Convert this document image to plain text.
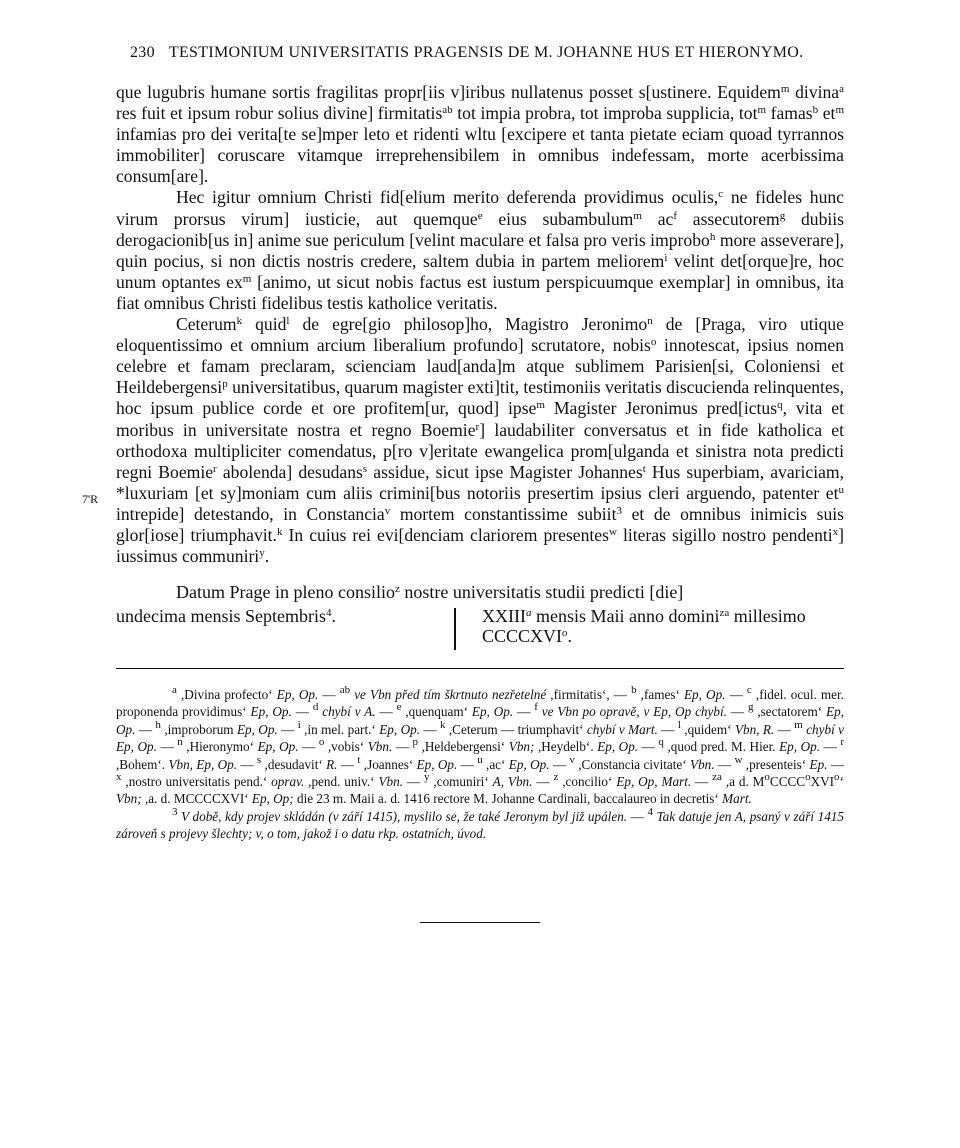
230 TESTIMONIUM UNIVERSITATIS PRAGENSIS DE M. JOHANNE HUS ET HIERONYMO.
7'R

que lugubris humane sortis fragilitas propr[iis v]iribus nullatenus posset s[ustinere. Equidem$^m$ divina$^a$ res fuit et ipsum robur solius divine] firmitatis$^{ab}$ tot impia probra, tot improba supplicia, tot$^m$ famas$^b$ $et^m$ infamias pro dei verita[te se]mper leto et ridenti wltu [excipere et tanta pietate eciam quoad tyrrannos immobiliter] coruscare vitamque irreprehensibilem in omnibus indefessam, morte acerbissima consum[are].

Hec igitur omnium Christi fid[elium merito deferenda providimus oculis,$^c$ ne fideles hunc virum prorsus virum] iusticie, aut quemque$^e$ eius subambulum$^m$ $ac^f$ assecutorem$^g$ dubiis derogacionib[us in] anime sue periculum [velint maculare et falsa pro veris improbo$^h$ more asseverare], quin pocius, si non dictis nostris credere, saltem dubia in partem meliorem$^i$ velint det[orque]re, hoc unum optantes $ex^m$ [animo, ut sicut nobis factus est iustum perspicuumque exemplar] in omnibus, ita fiat omnibus Christi fidelibus testis katholice veritatis.

Ceterum$^k$ quid$^l$ de egre[gio philosop]ho, Magistro Jeronimo$^n$ de [Praga, viro utique eloquentissimo et omnium arcium liberalium profundo] scrutatore, nobis$^o$ innotescat, ipsius nomen celebre et famam preclaram, scienciam laud[anda]m atque sublimem Parisien[si, Coloniensi et Heildebergensi$^p$ universitatibus, quarum magister exti]tit, testimoniis veritatis discucienda relinquentes, hoc ipsum publice corde et ore profitem[ur, quod] ipse$^m$ Magister Jeronimus pred[ictus$^q$, vita et moribus in universitate nostra et regno Boemie$^r$] laudabiliter conversatus et in fide katholica et orthodoxa multipliciter comendatus, p[ro v]eritate ewangelica prom[ulganda et sinistra nota predicti regni Boemie$^r$ abolenda] desudans$^s$ assidue, sicut ipse Magister Johannes$^t$ Hus superbiam, avariciam, *luxuriam [et sy]moniam cum aliis crimini[bus notoriis presertim ipsius cleri arguendo, patenter $et^u$ intrepide] detestando, in Constancia$^v$ mortem constantissime subiit$^3$ et de omnibus inimicis suis glor[iose] triumphavit.$^k$ In cuius rei evi[denciam clariorem presentes$^w$ literas sigillo nostro pendenti$^x$] iussimus communiri$^y$.

Datum Prage in pleno consilio$^z$ nostre universitatis studii predicti [die]
undecima mensis Septembris$^4$.	XXIII$^a$ mensis Maii anno domini$^{za}$ millesimo
CCCCXVI$^o$.

$^a$ ,Divina profecto‘ Ep, Op. — $^{ab}$ ve Vbn před tím škrtnuto nezřetelné ,firmitatis‘, — $^b$ ,fames‘ Ep, Op. — $^c$ ,fidel. ocul. mer. proponenda providimus‘ Ep, Op. — $^d$ chybí v A. — $^e$ ,quenquam‘ Ep, Op. — $^f$ ve Vbn po opravě, v Ep, Op chybí. — $^g$ ,sectatorem‘ Ep, Op. — $^h$ ,improborum Ep, Op. — $^i$ ,in mel. part.‘ Ep, Op. — $^k$ ,Ceterum — triumphavit‘ chybí v Mart. — $^l$ ,quidem‘ Vbn, R. — $^m$ chybí v Ep, Op. — $^n$ ,Hieronymo‘ Ep, Op. — $^o$ ,vobis‘ Vbn. — $^p$ ,Heldebergensi‘ Vbn; ,Heydelb‘. Ep, Op. — $^q$ ,quod pred. M. Hier. Ep, Op. — $^r$ ,Bohem‘. Vbn, Ep, Op. — $^s$ ,desudavit‘ R. — $^t$ ,Joannes‘ Ep, Op. — $^u$ ,ac‘ Ep, Op. — $^v$ ,Constancia civitate‘ Vbn. — $^w$ ,presenteis‘ Ep. — $^x$ ,nostro universitatis pend.‘ oprav. ,pend. univ.‘ Vbn. — $^y$ ,comuniri‘ A, Vbn. — $^z$ ,concilio‘ Ep, Op, Mart. — $^{za}$ ,a d. $M^oCCCC^oXVI^o‘$ Vbn; ,a. d. MCCCCXVI‘ Ep, Op; die 23 m. Maii a. d. 1416 rectore M. Johanne Cardinali, baccalaureo in decretis‘ Mart.

$^3$ V době, kdy projev skládán (v září 1415), myslilo se, že také Jeronym byl již upálen. — $^4$ Tak datuje jen A, psaný v září 1415 zároveň s projevy šlechty; v, o tom, jakož i o datu rkp. ostatních, úvod.
